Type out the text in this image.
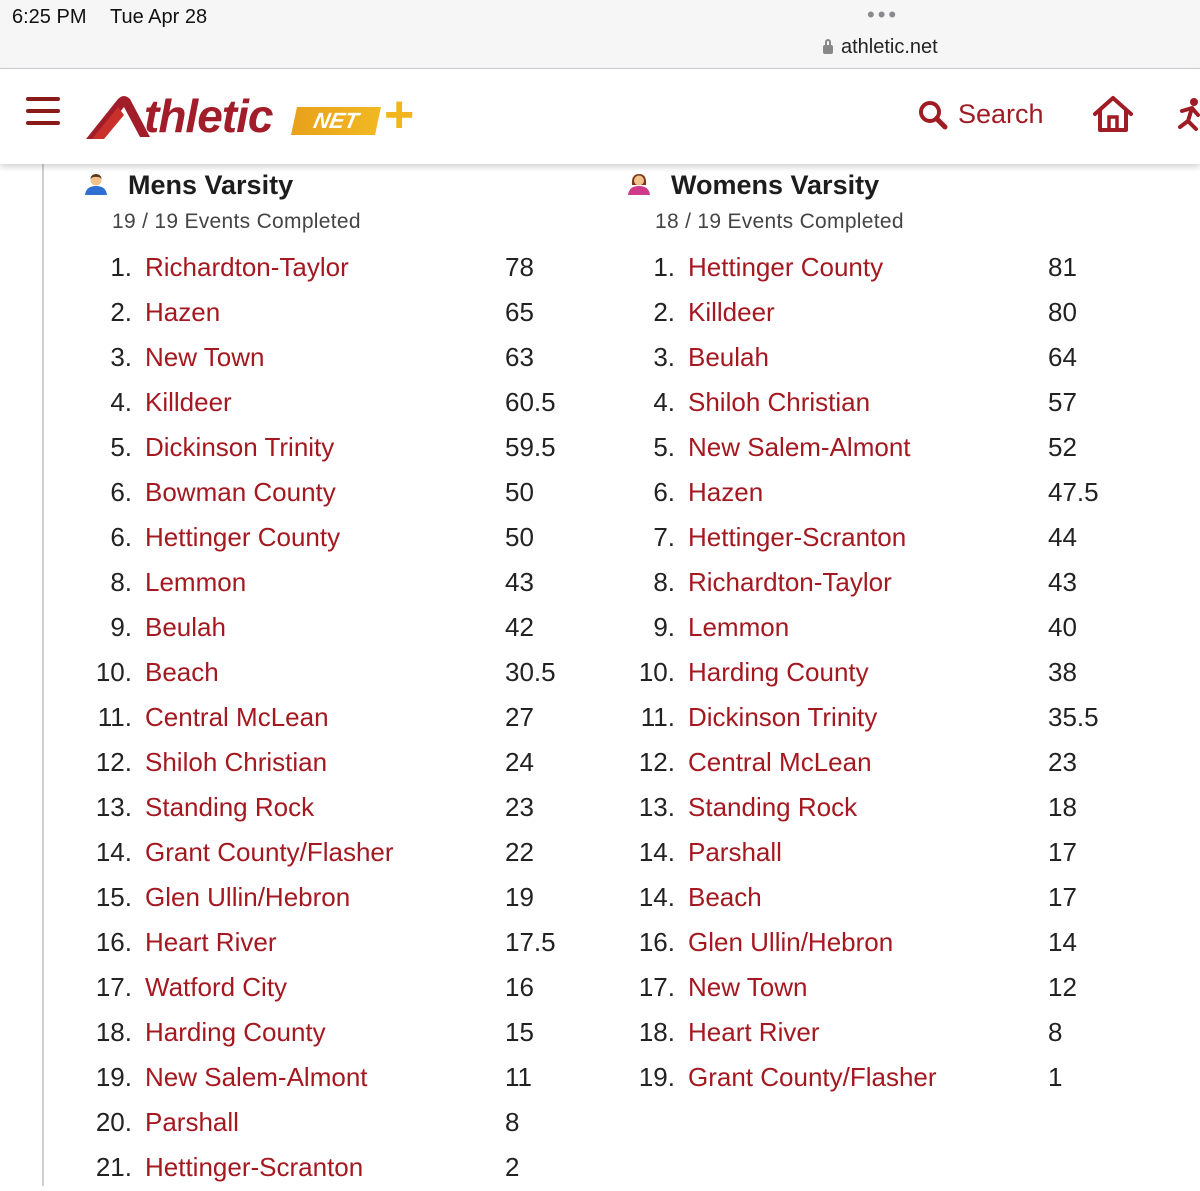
6:25 PM Tue Apr 28	•••
athletic.net
thletic	NET +	Search
Mens Varsity
19 / 19 Events Completed
1. Richardton-Taylor	78
2. Hazen	65
3. New Town	63
4. Killdeer	60.5
5. Dickinson Trinity	59.5
6. Bowman County	50
6. Hettinger County	50
8. Lemmon	43
9. Beulah	42
10. Beach	30.5
11. Central McLean	27
12. Shiloh Christian	24
13. Standing Rock	23
14. Grant County/Flasher	22
15. Glen Ullin/Hebron	19
16. Heart River	17.5
17. Watford City	16
18. Harding County	15
19. New Salem-Almont	11
20. Parshall	8
21. Hettinger-Scranton	2
Womens Varsity
18 / 19 Events Completed
1. Hettinger County	81
2. Killdeer	80
3. Beulah	64
4. Shiloh Christian	57
5. New Salem-Almont	52
6. Hazen	47.5
7. Hettinger-Scranton	44
8. Richardton-Taylor	43
9. Lemmon	40
10. Harding County	38
11. Dickinson Trinity	35.5
12. Central McLean	23
13. Standing Rock	18
14. Parshall	17
14. Beach	17
16. Glen Ullin/Hebron	14
17. New Town	12
18. Heart River	8
19. Grant County/Flasher	1
